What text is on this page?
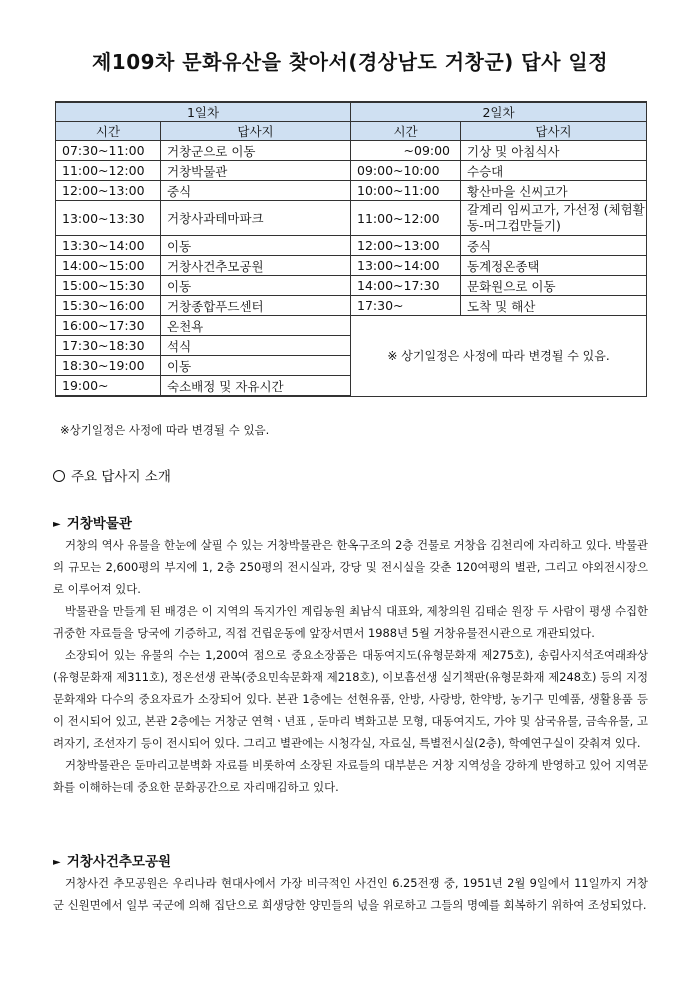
제109차 문화유산을 찾아서(경상남도 거창군) 답사 일정
1일차		2일차	
시간	답사지	시간	답사지
07:30~11:00	거창군으로 이동	~09:00	기상 및 아침식사
11:00~12:00	거창박물관	09:00~10:00	수승대
12:00~13:00	중식	10:00~11:00	황산마을 신씨고가
13:00~13:30	거창사과테마파크	11:00~12:00	갈계리 임씨고가, 가선정 (체험활동-머그컵만들기)
13:30~14:00	이동	12:00~13:00	중식
14:00~15:00	거창사건추모공원	13:00~14:00	동계정온종택
15:00~15:30	이동	14:00~17:30	문화원으로 이동
15:30~16:00	거창종합푸드센터	17:30~	도착 및 해산
16:00~17:30	온천욕	※ 상기일정은 사정에 따라 변경될 수 있음.	
17:30~18:30	석식		
18:30~19:00	이동		
19:00~	숙소배정 및 자유시간		
※상기일정은 사정에 따라 변경될 수 있음.
주요 답사지 소개
► 거창박물관

거창의 역사 유물을 한눈에 살필 수 있는 거창박물관은 한옥구조의 2층 건물로 거창읍 김천리에 자리하고 있다. 박물관의 규모는 2,600평의 부지에 1, 2층 250평의 전시실과, 강당 및 전시실을 갖춘 120여평의 별관, 그리고 야외전시장으로 이루어져 있다.

박물관을 만들게 된 배경은 이 지역의 독지가인 계림농원 최남식 대표와, 제창의원 김태순 원장 두 사람이 평생 수집한 귀중한 자료들을 당국에 기증하고, 직접 건립운동에 앞장서면서 1988년 5월 거창유물전시관으로 개관되었다.

소장되어 있는 유물의 수는 1,200여 점으로 중요소장품은 대동여지도(유형문화재 제275호), 송림사지석조여래좌상(유형문화재 제311호), 정온선생 관복(중요민속문화재 제218호), 이보흠선생 실기책판(유형문화재 제248호) 등의 지정문화재와 다수의 중요자료가 소장되어 있다. 본관 1층에는 선현유품, 안방, 사랑방, 한약방, 농기구 민예품, 생활용품 등이 전시되어 있고, 본관 2층에는 거창군 연혁ㆍ년표 , 둔마리 벽화고분 모형, 대동여지도, 가야 및 삼국유물, 금속유물, 고려자기, 조선자기 등이 전시되어 있다. 그리고 별관에는 시청각실, 자료실, 특별전시실(2층), 학예연구실이 갖춰져 있다.

거창박물관은 둔마리고분벽화 자료를 비롯하여 소장된 자료들의 대부분은 거창 지역성을 강하게 반영하고 있어 지역문화를 이해하는데 중요한 문화공간으로 자리매김하고 있다.

► 거창사건추모공원

거창사건 추모공원은 우리나라 현대사에서 가장 비극적인 사건인 6.25전쟁 중, 1951년 2월 9일에서 11일까지 거창군 신원면에서 일부 국군에 의해 집단으로 희생당한 양민들의 넋을 위로하고 그들의 명예를 회복하기 위하여 조성되었다.
